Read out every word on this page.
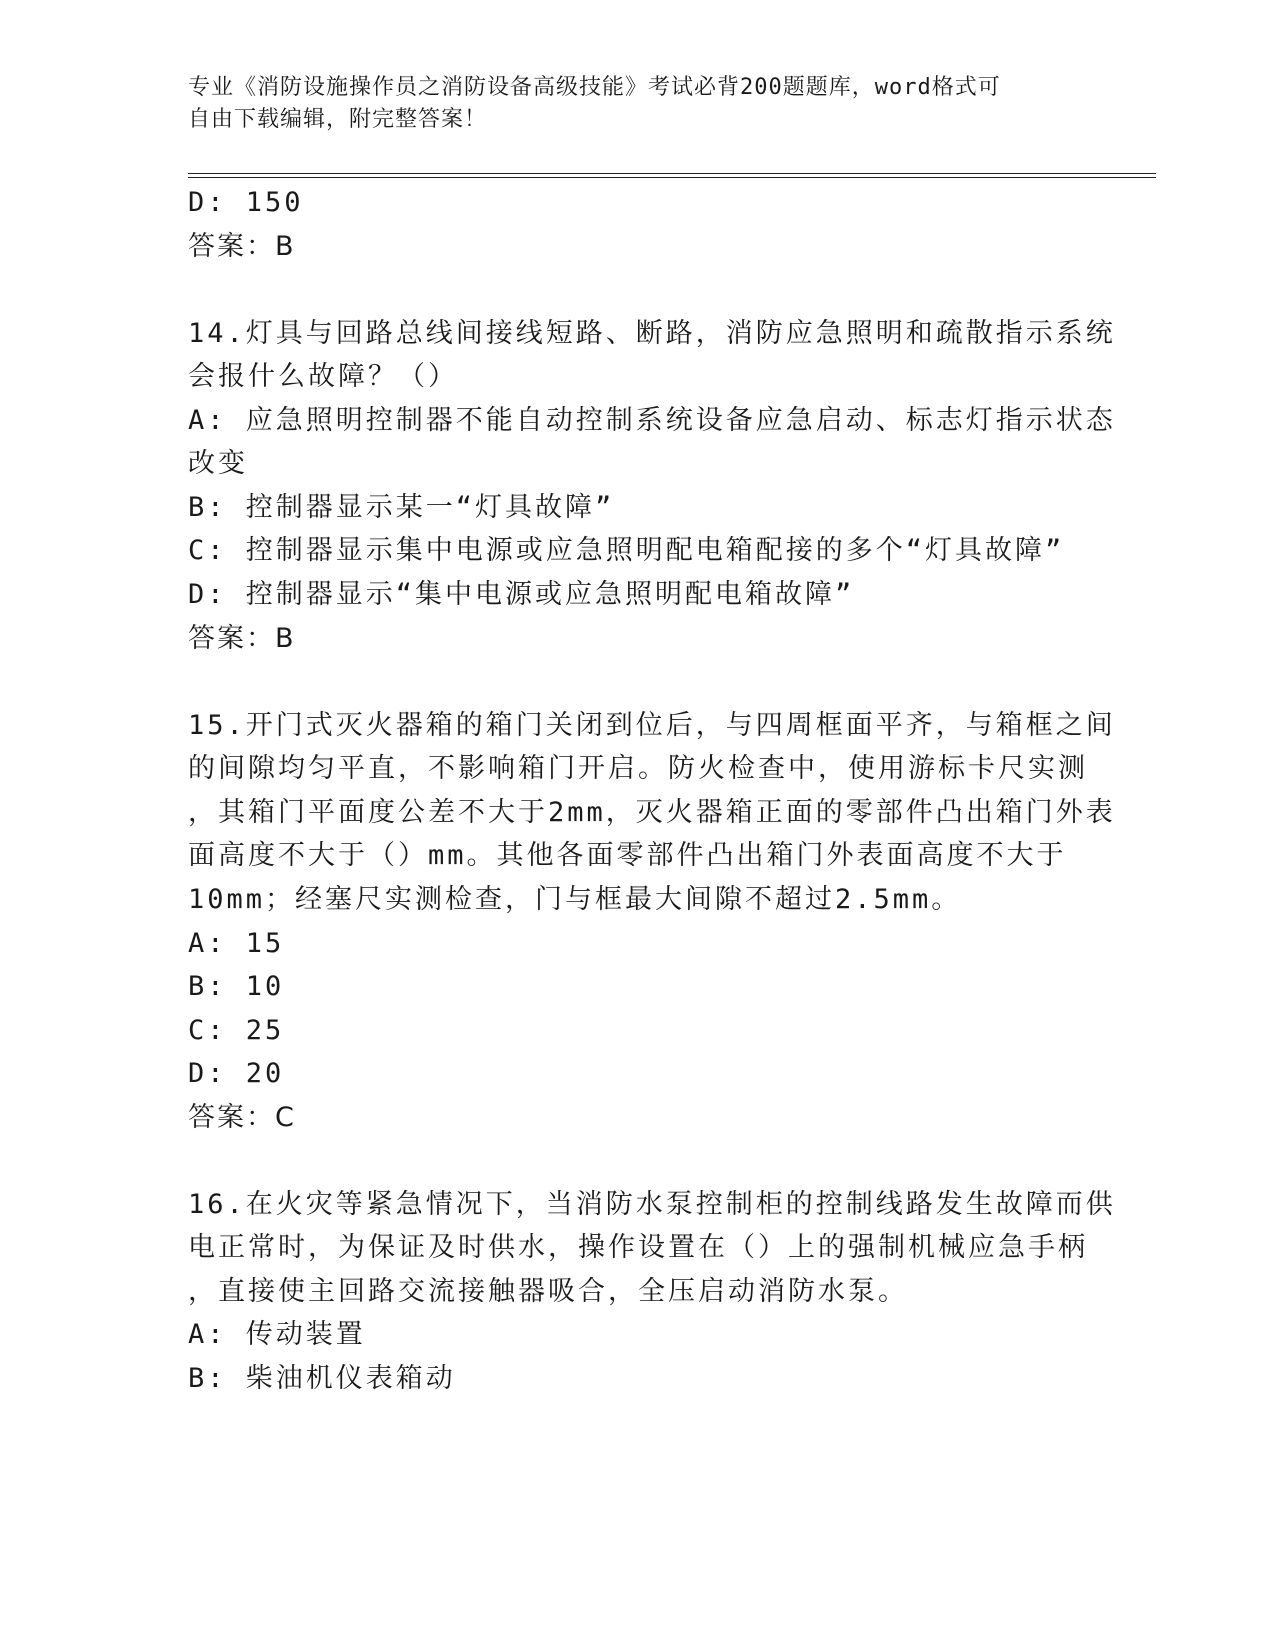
专业《消防设施操作员之消防设备高级技能》考试必背200题题库，word格式可
自由下载编辑，附完整答案！
D: 150
答案：B
14.灯具与回路总线间接线短路、断路，消防应急照明和疏散指示系统
会报什么故障？（）
A: 应急照明控制器不能自动控制系统设备应急启动、标志灯指示状态
改变
B: 控制器显示某一“灯具故障”
C: 控制器显示集中电源或应急照明配电箱配接的多个“灯具故障”
D: 控制器显示“集中电源或应急照明配电箱故障”
答案：B
15.开门式灭火器箱的箱门关闭到位后，与四周框面平齐，与箱框之间
的间隙均匀平直，不影响箱门开启。防火检查中，使用游标卡尺实测
，其箱门平面度公差不大于2mm，灭火器箱正面的零部件凸出箱门外表
面高度不大于（）mm。其他各面零部件凸出箱门外表面高度不大于
10mm；经塞尺实测检查，门与框最大间隙不超过2.5mm。
A: 15
B: 10
C: 25
D: 20
答案：C
16.在火灾等紧急情况下，当消防水泵控制柜的控制线路发生故障而供
电正常时，为保证及时供水，操作设置在（）上的强制机械应急手柄
，直接使主回路交流接触器吸合，全压启动消防水泵。
A: 传动装置
B: 柴油机仪表箱动
